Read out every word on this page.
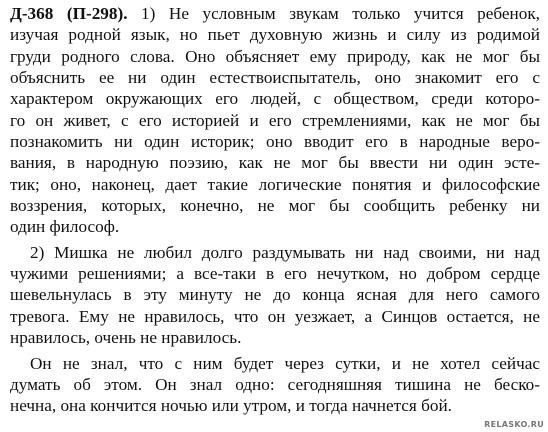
Д-368 (П-298). 1) Не условным звукам только учится ребенок,
изучая родной язык, но пьет духовную жизнь и силу из родимой
груди родного слова. Оно объясняет ему природу, как не мог бы
объяснить ее ни один естествоиспытатель, оно знакомит его с
характером окружающих его людей, с обществом, среди которо-
го он живет, с его историей и его стремлениями, как не мог бы
познакомить ни один историк; оно вводит его в народные веро-
вания, в народную поэзию, как не мог бы ввести ни один эсте-
тик; оно, наконец, дает такие логические понятия и философские
воззрения, которых, конечно, не мог бы сообщить ребенку ни
один философ.
2) Мишка не любил долго раздумывать ни над своими, ни над
чужими решениями; а все-таки в его нечутком, но добром сердце
шевельнулась в эту минуту не до конца ясная для него самого
тревога. Ему не нравилось, что он уезжает, а Синцов остается, не
нравилось, очень не нравилось.
Он не знал, что с ним будет через сутки, и не хотел сейчас
думать об этом. Он знал одно: сегодняшняя тишина не беско-
нечна, она кончится ночью или утром, и тогда начнется бой.
RELASKO.RU
